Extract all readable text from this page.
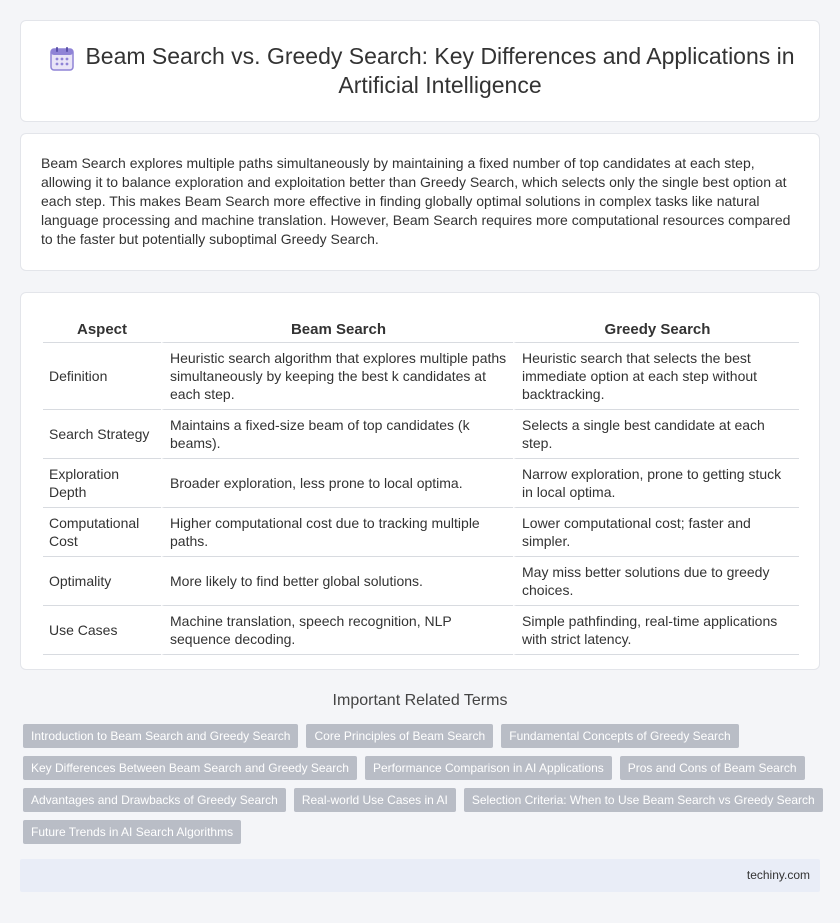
Beam Search vs. Greedy Search: Key Differences and Applications in Artificial Intelligence

Beam Search explores multiple paths simultaneously by maintaining a fixed number of top candidates at each step, allowing it to balance exploration and exploitation better than Greedy Search, which selects only the single best option at each step. This makes Beam Search more effective in finding globally optimal solutions in complex tasks like natural language processing and machine translation. However, Beam Search requires more computational resources compared to the faster but potentially suboptimal Greedy Search.

Aspect	Beam Search	Greedy Search
Definition	Heuristic search algorithm that explores multiple paths simultaneously by keeping the best k candidates at each step.	Heuristic search that selects the best immediate option at each step without backtracking.
Search Strategy	Maintains a fixed-size beam of top candidates (k beams).	Selects a single best candidate at each step.
Exploration Depth	Broader exploration, less prone to local optima.	Narrow exploration, prone to getting stuck in local optima.
Computational Cost	Higher computational cost due to tracking multiple paths.	Lower computational cost; faster and simpler.
Optimality	More likely to find better global solutions.	May miss better solutions due to greedy choices.
Use Cases	Machine translation, speech recognition, NLP sequence decoding.	Simple pathfinding, real-time applications with strict latency.
Important Related Terms
Introduction to Beam Search and Greedy Search	Core Principles of Beam Search	Fundamental Concepts of Greedy Search
Key Differences Between Beam Search and Greedy Search	Performance Comparison in AI Applications	Pros and Cons of Beam Search
Advantages and Drawbacks of Greedy Search	Real-world Use Cases in AI	Selection Criteria: When to Use Beam Search vs Greedy Search
Future Trends in AI Search Algorithms
techiny.com
